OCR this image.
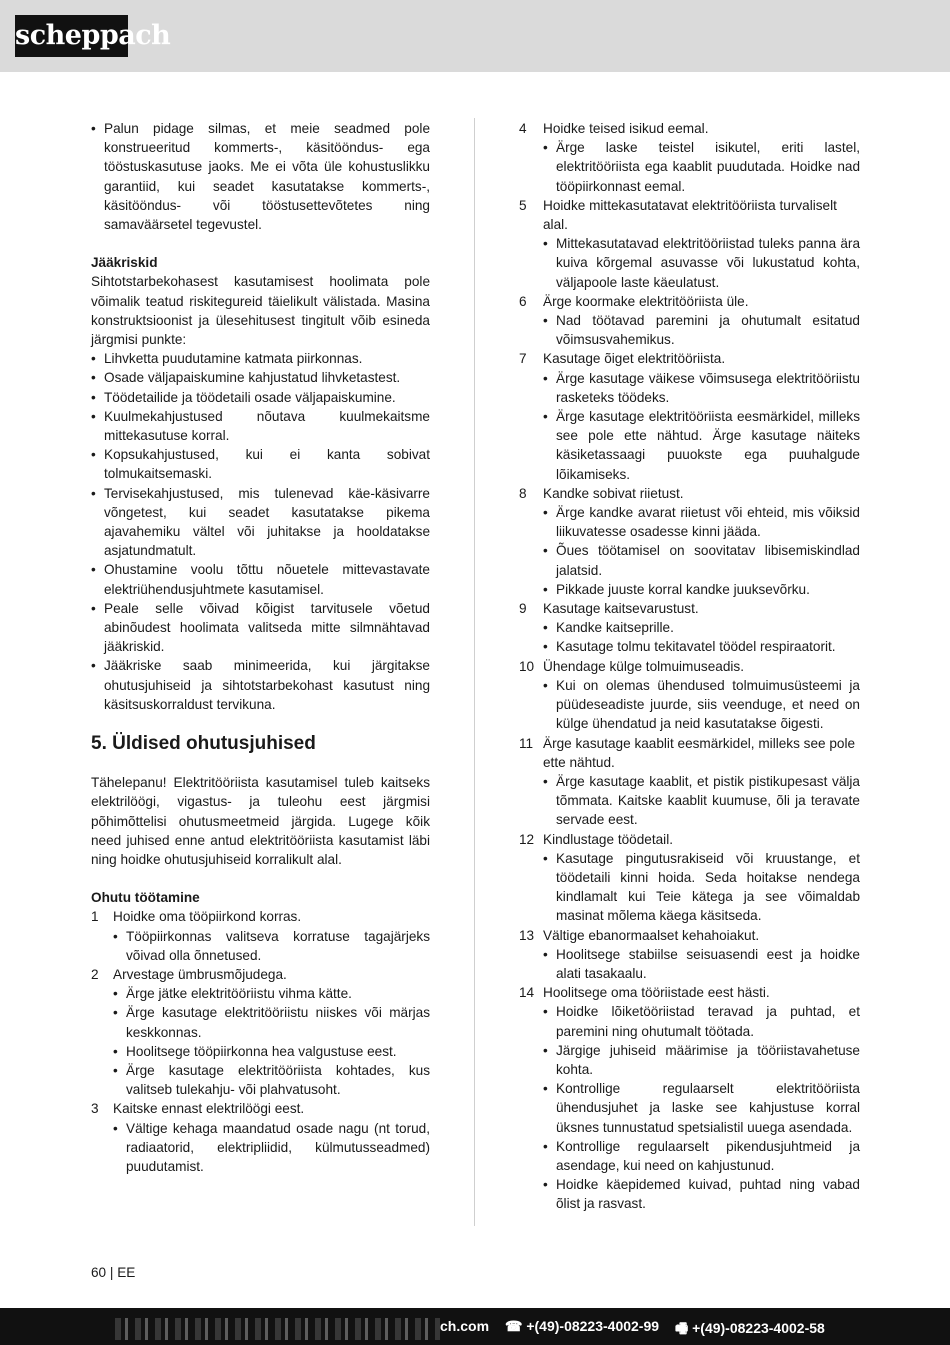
scheppach
• Palun pidage silmas, et meie seadmed pole konstrueeritud kommerts-, käsitööndus- ega tööstuskasutuse jaoks. Me ei võta üle kohustuslikku garantiid, kui seadet kasutatakse kommerts-, käsitööndus- või tööstusettevõtetes ning samaväärsetel tegevustel.
Jääkriskid
Sihtotstarbekohasest kasutamisest hoolimata pole võimalik teatud riskitegureid täielikult välistada. Masina konstruktsioonist ja ülesehitusest tingitult võib esineda järgmisi punkte:
• Lihvketta puudutamine katmata piirkonnas.
• Osade väljapaiskumine kahjustatud lihvketastest.
• Töödetailide ja töödetaili osade väljapaiskumine.
• Kuulmekahjustused nõutava kuulmekaitsme mittekasutuse korral.
• Kopsukahjustused, kui ei kanta sobivat tolmukaitsemaski.
• Tervisekahjustused, mis tulenevad käe-käsivarre võngetest, kui seadet kasutatakse pikema ajavahemiku vältel või juhitakse ja hooldatakse asjatundmatult.
• Ohustamine voolu tõttu nõuetele mittevastavate elektriühendusjuhtmete kasutamisel.
• Peale selle võivad kõigist tarvitusele võetud abinõudest hoolimata valitseda mitte silmnähtavad jääkriskid.
• Jääkriske saab minimeerida, kui järgitakse ohutusjuhiseid ja sihtotstarbekohast kasutust ning käsitsuskorraldust tervikuna.
5. Üldised ohutusjuhised
Tähelepanu! Elektritööriista kasutamisel tuleb kaitseks elektrilöögi, vigastus- ja tuleohu eest järgmisi põhimõttelisi ohutusmeetmeid järgida. Lugege kõik need juhised enne antud elektritööriista kasutamist läbi ning hoidke ohutusjuhiseid korralikult alal.
Ohutu töötamine
1 Hoidke oma tööpiirkond korras.
• Tööpiirkonnas valitseva korratuse tagajärjeks võivad olla õnnetused.
2 Arvestage ümbrusmõjudega.
• Ärge jätke elektritööriistu vihma kätte.
• Ärge kasutage elektritööriistu niiskes või märjas keskkonnas.
• Hoolitsege tööpiirkonna hea valgustuse eest.
• Ärge kasutage elektritööriista kohtades, kus valitseb tulekahju- või plahvatusoht.
3 Kaitske ennast elektrilöögi eest.
• Vältige kehaga maandatud osade nagu (nt torud, radiaatorid, elektripliidid, külmutusseadmed) puudutamist.
4 Hoidke teised isikud eemal.
• Ärge laske teistel isikutel, eriti lastel, elektritööriista ega kaablit puudutada. Hoidke nad tööpiirkonnast eemal.
5 Hoidke mittekasutatavat elektritööriista turvaliselt alal.
• Mittekasutatavad elektritööriistad tuleks panna ära kuiva kõrgemal asuvasse või lukustatud kohta, väljapoole laste käeulatust.
6 Ärge koormake elektritööriista üle.
• Nad töötavad paremini ja ohutumalt esitatud võimsusvahemikus.
7 Kasutage õiget elektritööriista.
• Ärge kasutage väikese võimsusega elektritööriistu rasketeks töödeks.
• Ärge kasutage elektritööriista eesmärkidel, milleks see pole ette nähtud. Ärge kasutage näiteks käsiketassaagi puuokste ega puuhalgude lõikamiseks.
8 Kandke sobivat riietust.
• Ärge kandke avarat riietust või ehteid, mis võiksid liikuvatesse osadesse kinni jääda.
• Õues töötamisel on soovitatav libisemiskindlad jalatsid.
• Pikkade juuste korral kandke juuksevõrku.
9 Kasutage kaitsevarustust.
• Kandke kaitseprille.
• Kasutage tolmu tekitavatel töödel respiraatorit.
10 Ühendage külge tolmuimuseadis.
• Kui on olemas ühendused tolmuimusüsteemi ja püüdeseadiste juurde, siis veenduge, et need on külge ühendatud ja neid kasutatakse õigesti.
11 Ärge kasutage kaablit eesmärkidel, milleks see pole ette nähtud.
• Ärge kasutage kaablit, et pistik pistikupesast välja tõmmata. Kaitske kaablit kuumuse, õli ja teravate servade eest.
12 Kindlustage töödetail.
• Kasutage pingutusrakiseid või kruustange, et töödetaili kinni hoida. Seda hoitakse nendega kindlamalt kui Teie kätega ja see võimaldab masinat mõlema käega käsitseda.
13 Vältige ebanormaalset kehahoiakut.
• Hoolitsege stabiilse seisuasendi eest ja hoidke alati tasakaalu.
14 Hoolitsege oma tööriistade eest hästi.
• Hoidke lõiketööriistad teravad ja puhtad, et paremini ning ohutumalt töötada.
• Järgige juhiseid määrimise ja tööriistavahetuse kohta.
• Kontrollige regulaarselt elektritööriista ühendusjuhet ja laske see kahjustuse korral üksnes tunnustatud spetsialistil uuega asendada.
• Kontrollige regulaarselt pikendusjuhtmeid ja asendage, kui need on kahjustunud.
• Hoidke käepidemed kuivad, puhtad ning vabad õlist ja rasvast.
60 | EE
ch.com ☎ +(49)-08223-4002-99 🖷 +(49)-08223-4002-58
